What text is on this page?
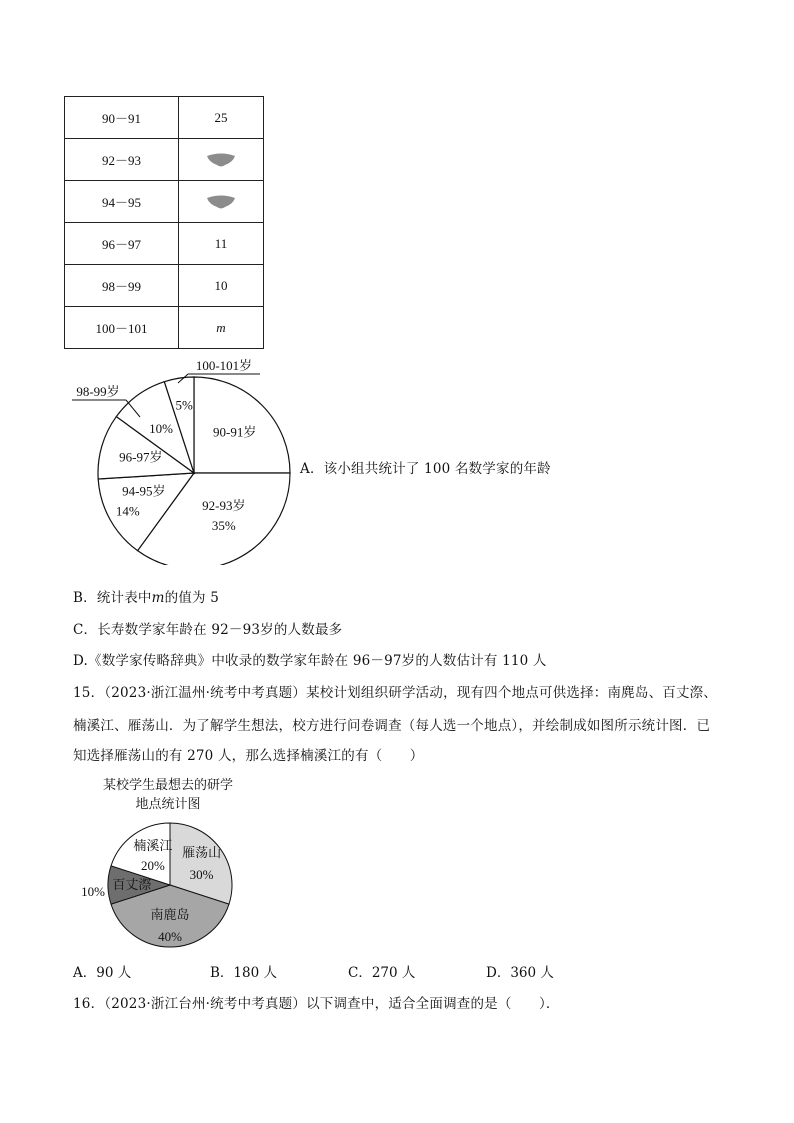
90－91	25
92－93	
94－95	
96－97	11
98－99	10
100－101	m
90-91岁
92-93岁
35%
94-95岁
14%
96-97岁
10%
98-99岁
5%
100-101岁
A．该小组共统计了 100 名数学家的年龄
B．统计表中m的值为 5
C．长寿数学家年龄在 92－93岁的人数最多
D.《数学家传略辞典》中收录的数学家年龄在 96－97岁的人数估计有 110 人
15．（2023·浙江温州·统考中考真题）某校计划组织研学活动，现有四个地点可供选择：南麂岛、百丈漈、
楠溪江、雁荡山．为了解学生想法，校方进行问卷调查（每人选一个地点），并绘制成如图所示统计图．已
知选择雁荡山的有 270 人，那么选择楠溪江的有（　　）
某校学生最想去的研学
地点统计图
雁荡山
30%
南鹿岛
40%
百丈漈
10%
楠溪江
20%
A．90 人	B．180 人	C．270 人	D．360 人
16．（2023·浙江台州·统考中考真题）以下调查中，适合全面调查的是（　　）．
